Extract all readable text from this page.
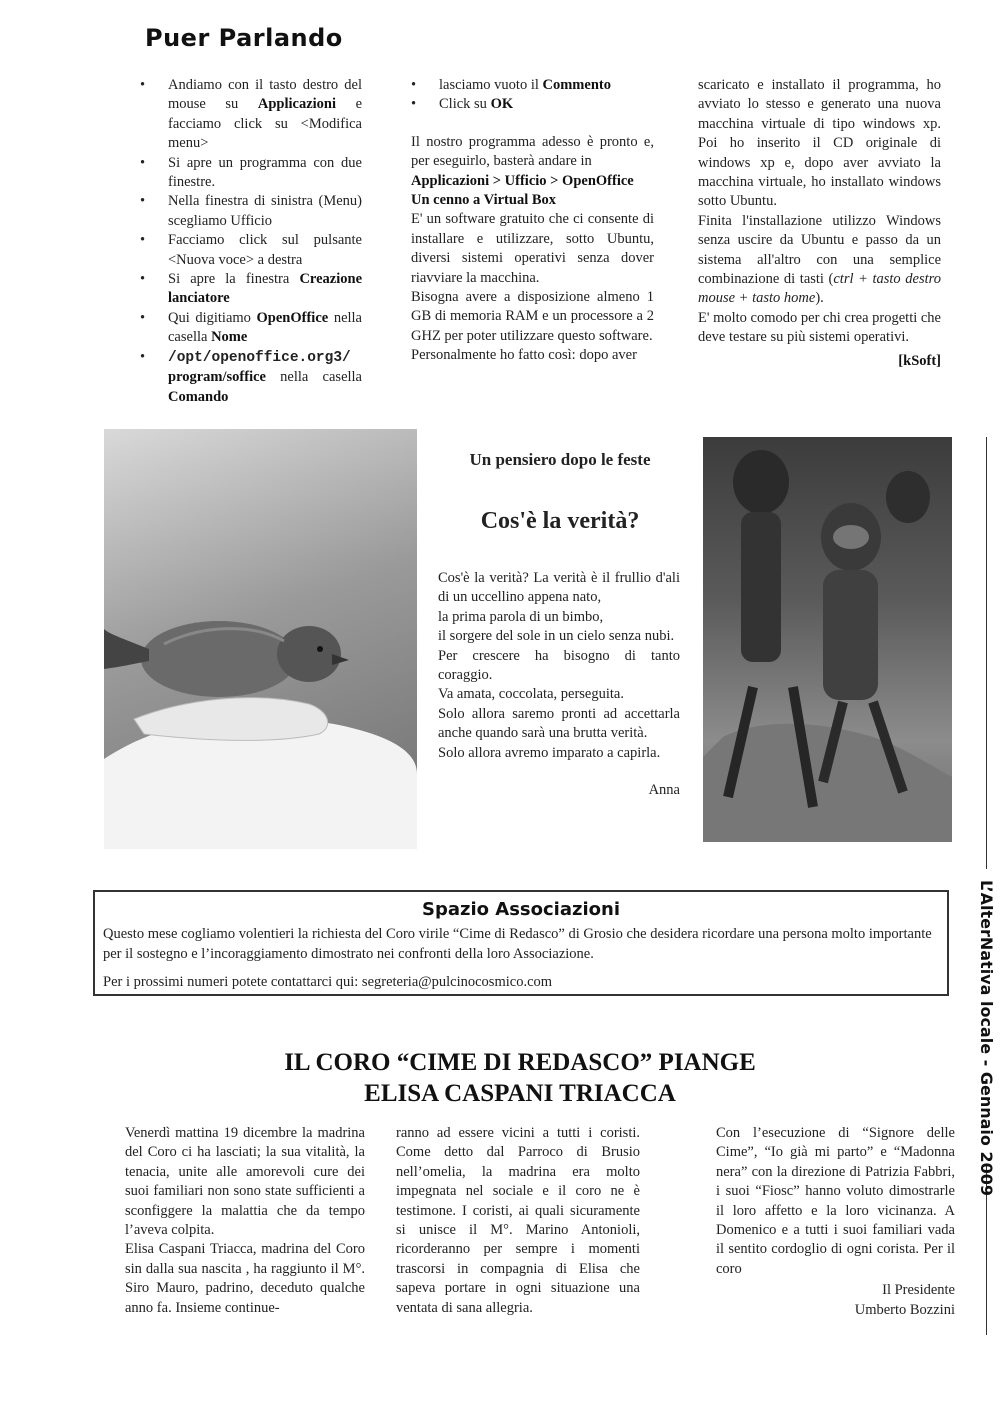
Puer Parlando
• Andiamo con il tasto destro del mouse su Applicazioni e facciamo click su <Modifica menu>
• Si apre un programma con due finestre.
• Nella finestra di sinistra (Menu) scegliamo Ufficio
• Facciamo click sul pulsante <Nuova voce> a destra
• Si apre la finestra Creazione lanciatore
• Qui digitiamo OpenOffice nella casella Nome
• /opt/openoffice.org3/ program/soffice nella casella Comando
• lasciamo vuoto il Commento
• Click su OK

Il nostro programma adesso è pronto e, per eseguirlo, basterà andare in

Applicazioni > Ufficio > OpenOffice

Un cenno a Virtual Box

E' un software gratuito che ci consente di installare e utilizzare, sotto Ubuntu, diversi sistemi operativi senza dover riavviare la macchina.

Bisogna avere a disposizione almeno 1 GB di memoria RAM e un processore a 2 GHZ per poter utilizzare questo software.

Personalmente ho fatto così: dopo aver

scaricato e installato il programma, ho avviato lo stesso e generato una nuova macchina virtuale di tipo windows xp. Poi ho inserito il CD originale di windows xp e, dopo aver avviato la macchina virtuale, ho installato windows sotto Ubuntu.

Finita l'installazione utilizzo Windows senza uscire da Ubuntu e passo da un sistema all'altro con una semplice combinazione di tasti (ctrl + tasto destro mouse + tasto home).

E' molto comodo per chi crea progetti che deve testare su più sistemi operativi.

[kSoft]

Un pensiero dopo le feste
Cos'è la verità?
Cos'è la verità? La verità è il frullio d'ali di un uccellino appena nato,
la prima parola di un bimbo,
il sorgere del sole in un cielo senza nubi.
Per crescere ha bisogno di tanto coraggio.
Va amata, coccolata, perseguita.
Solo allora saremo pronti ad accettarla anche quando sarà una brutta verità.
Solo allora avremo imparato a capirla.

Anna

L’AlterNativa locale - Gennaio 2009
Spazio Associazioni
Questo mese cogliamo volentieri la richiesta del Coro virile “Cime di Redasco” di Grosio che desidera ricordare una persona molto importante per il sostegno e l’incoraggiamento dimostrato nei confronti della loro Associazione.
Per i prossimi numeri potete contattarci qui: segreteria@pulcinocosmico.com
IL CORO “CIME DI REDASCO” PIANGE
ELISA CASPANI TRIACCA

Venerdì mattina 19 dicembre la madrina del Coro ci ha lasciati; la sua vitalità, la tenacia, unite alle amorevoli cure dei suoi familiari non sono state sufficienti a sconfiggere la malattia che da tempo l’aveva colpita.

Elisa Caspani Triacca, madrina del Coro sin dalla sua nascita , ha raggiunto il M°. Siro Mauro, padrino, deceduto qualche anno fa. Insieme continue-

ranno ad essere vicini a tutti i coristi. Come detto dal Parroco di Brusio nell’omelia, la madrina era molto impegnata nel sociale e il coro ne è testimone. I coristi, ai quali sicuramente si unisce il M°. Marino Antonioli, ricorderanno per sempre i momenti trascorsi in compagnia di Elisa che sapeva portare in ogni situazione una ventata di sana allegria.

Con l’esecuzione di “Signore delle Cime”, “Io già mi parto” e “Madonna nera” con la direzione di Patrizia Fabbri, i suoi “Fiosc” hanno voluto dimostrarle il loro affetto e la loro vicinanza. A Domenico e a tutti i suoi familiari vada il sentito cordoglio di ogni corista. Per il coro

Il Presidente

Umberto Bozzini
